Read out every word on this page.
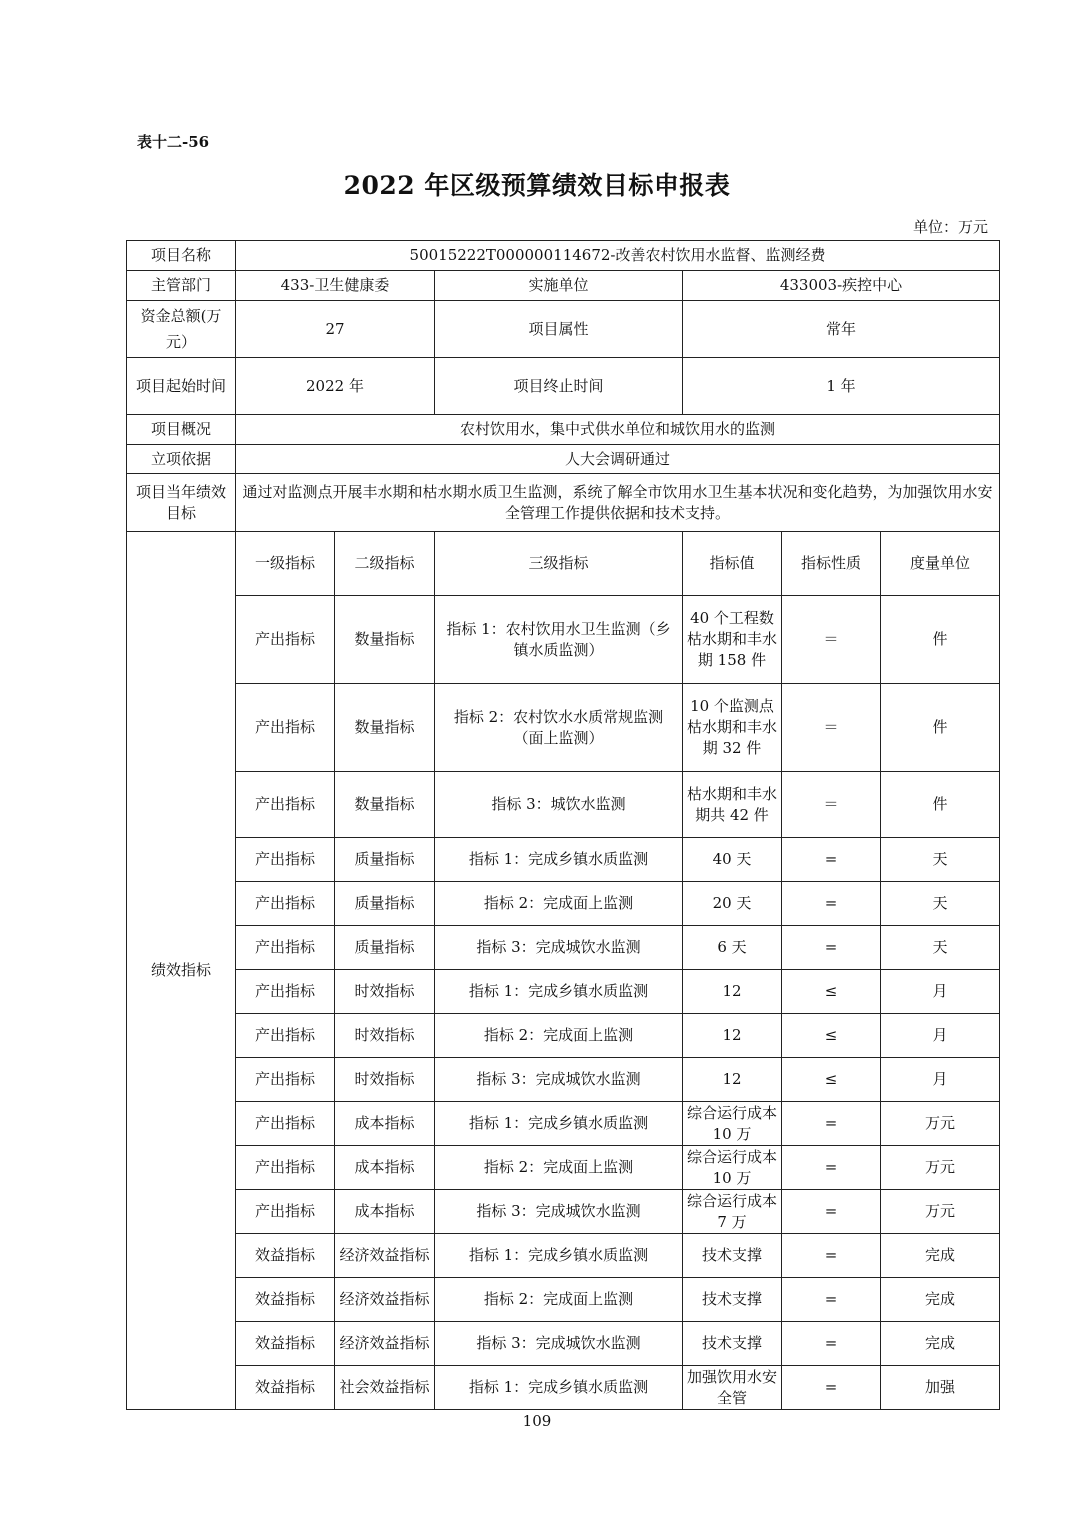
表十二-56
2022 年区级预算绩效目标申报表
单位：万元
项目名称	50015222T000000114672-改善农村饮用水监督、监测经费						
主管部门	433-卫生健康委		实施单位	433003-疾控中心			
资金总额(万元）	27		项目属性	常年			
项目起始时间	2022 年		项目终止时间	1 年			
项目概况	农村饮用水，集中式供水单位和城饮用水的监测						
立项依据	人大会调研通过						
项目当年绩效目标	通过对监测点开展丰水期和枯水期水质卫生监测，系统了解全市饮用水卫生基本状况和变化趋势，为加强饮用水安全管理工作提供依据和技术支持。						
绩效指标	一级指标	二级指标	三级指标	指标值	指标性质	度量单位	
	产出指标	数量指标	指标 1：农村饮用水卫生监测（乡镇水质监测）	40 个工程数枯水期和丰水期 158 件	＝	件	
	产出指标	数量指标	指标 2：农村饮水水质常规监测（面上监测）	10 个监测点枯水期和丰水期 32 件	＝	件	
	产出指标	数量指标	指标 3：城饮水监测	枯水期和丰水期共 42 件	＝	件	
	产出指标	质量指标	指标 1：完成乡镇水质监测	40 天	=	天	
	产出指标	质量指标	指标 2：完成面上监测	20 天	=	天	
	产出指标	质量指标	指标 3：完成城饮水监测	6 天	=	天	
	产出指标	时效指标	指标 1：完成乡镇水质监测	12	≤	月	
	产出指标	时效指标	指标 2：完成面上监测	12	≤	月	
	产出指标	时效指标	指标 3：完成城饮水监测	12	≤	月	
	产出指标	成本指标	指标 1：完成乡镇水质监测	综合运行成本 10 万	=	万元	
	产出指标	成本指标	指标 2：完成面上监测	综合运行成本 10 万	=	万元	
	产出指标	成本指标	指标 3：完成城饮水监测	综合运行成本 7 万	=	万元	
	效益指标	经济效益指标	指标 1：完成乡镇水质监测	技术支撑	=	完成	
	效益指标	经济效益指标	指标 2：完成面上监测	技术支撑	=	完成	
	效益指标	经济效益指标	指标 3：完成城饮水监测	技术支撑	=	完成	
	效益指标	社会效益指标	指标 1：完成乡镇水质监测	加强饮用水安全管	=	加强	
109
